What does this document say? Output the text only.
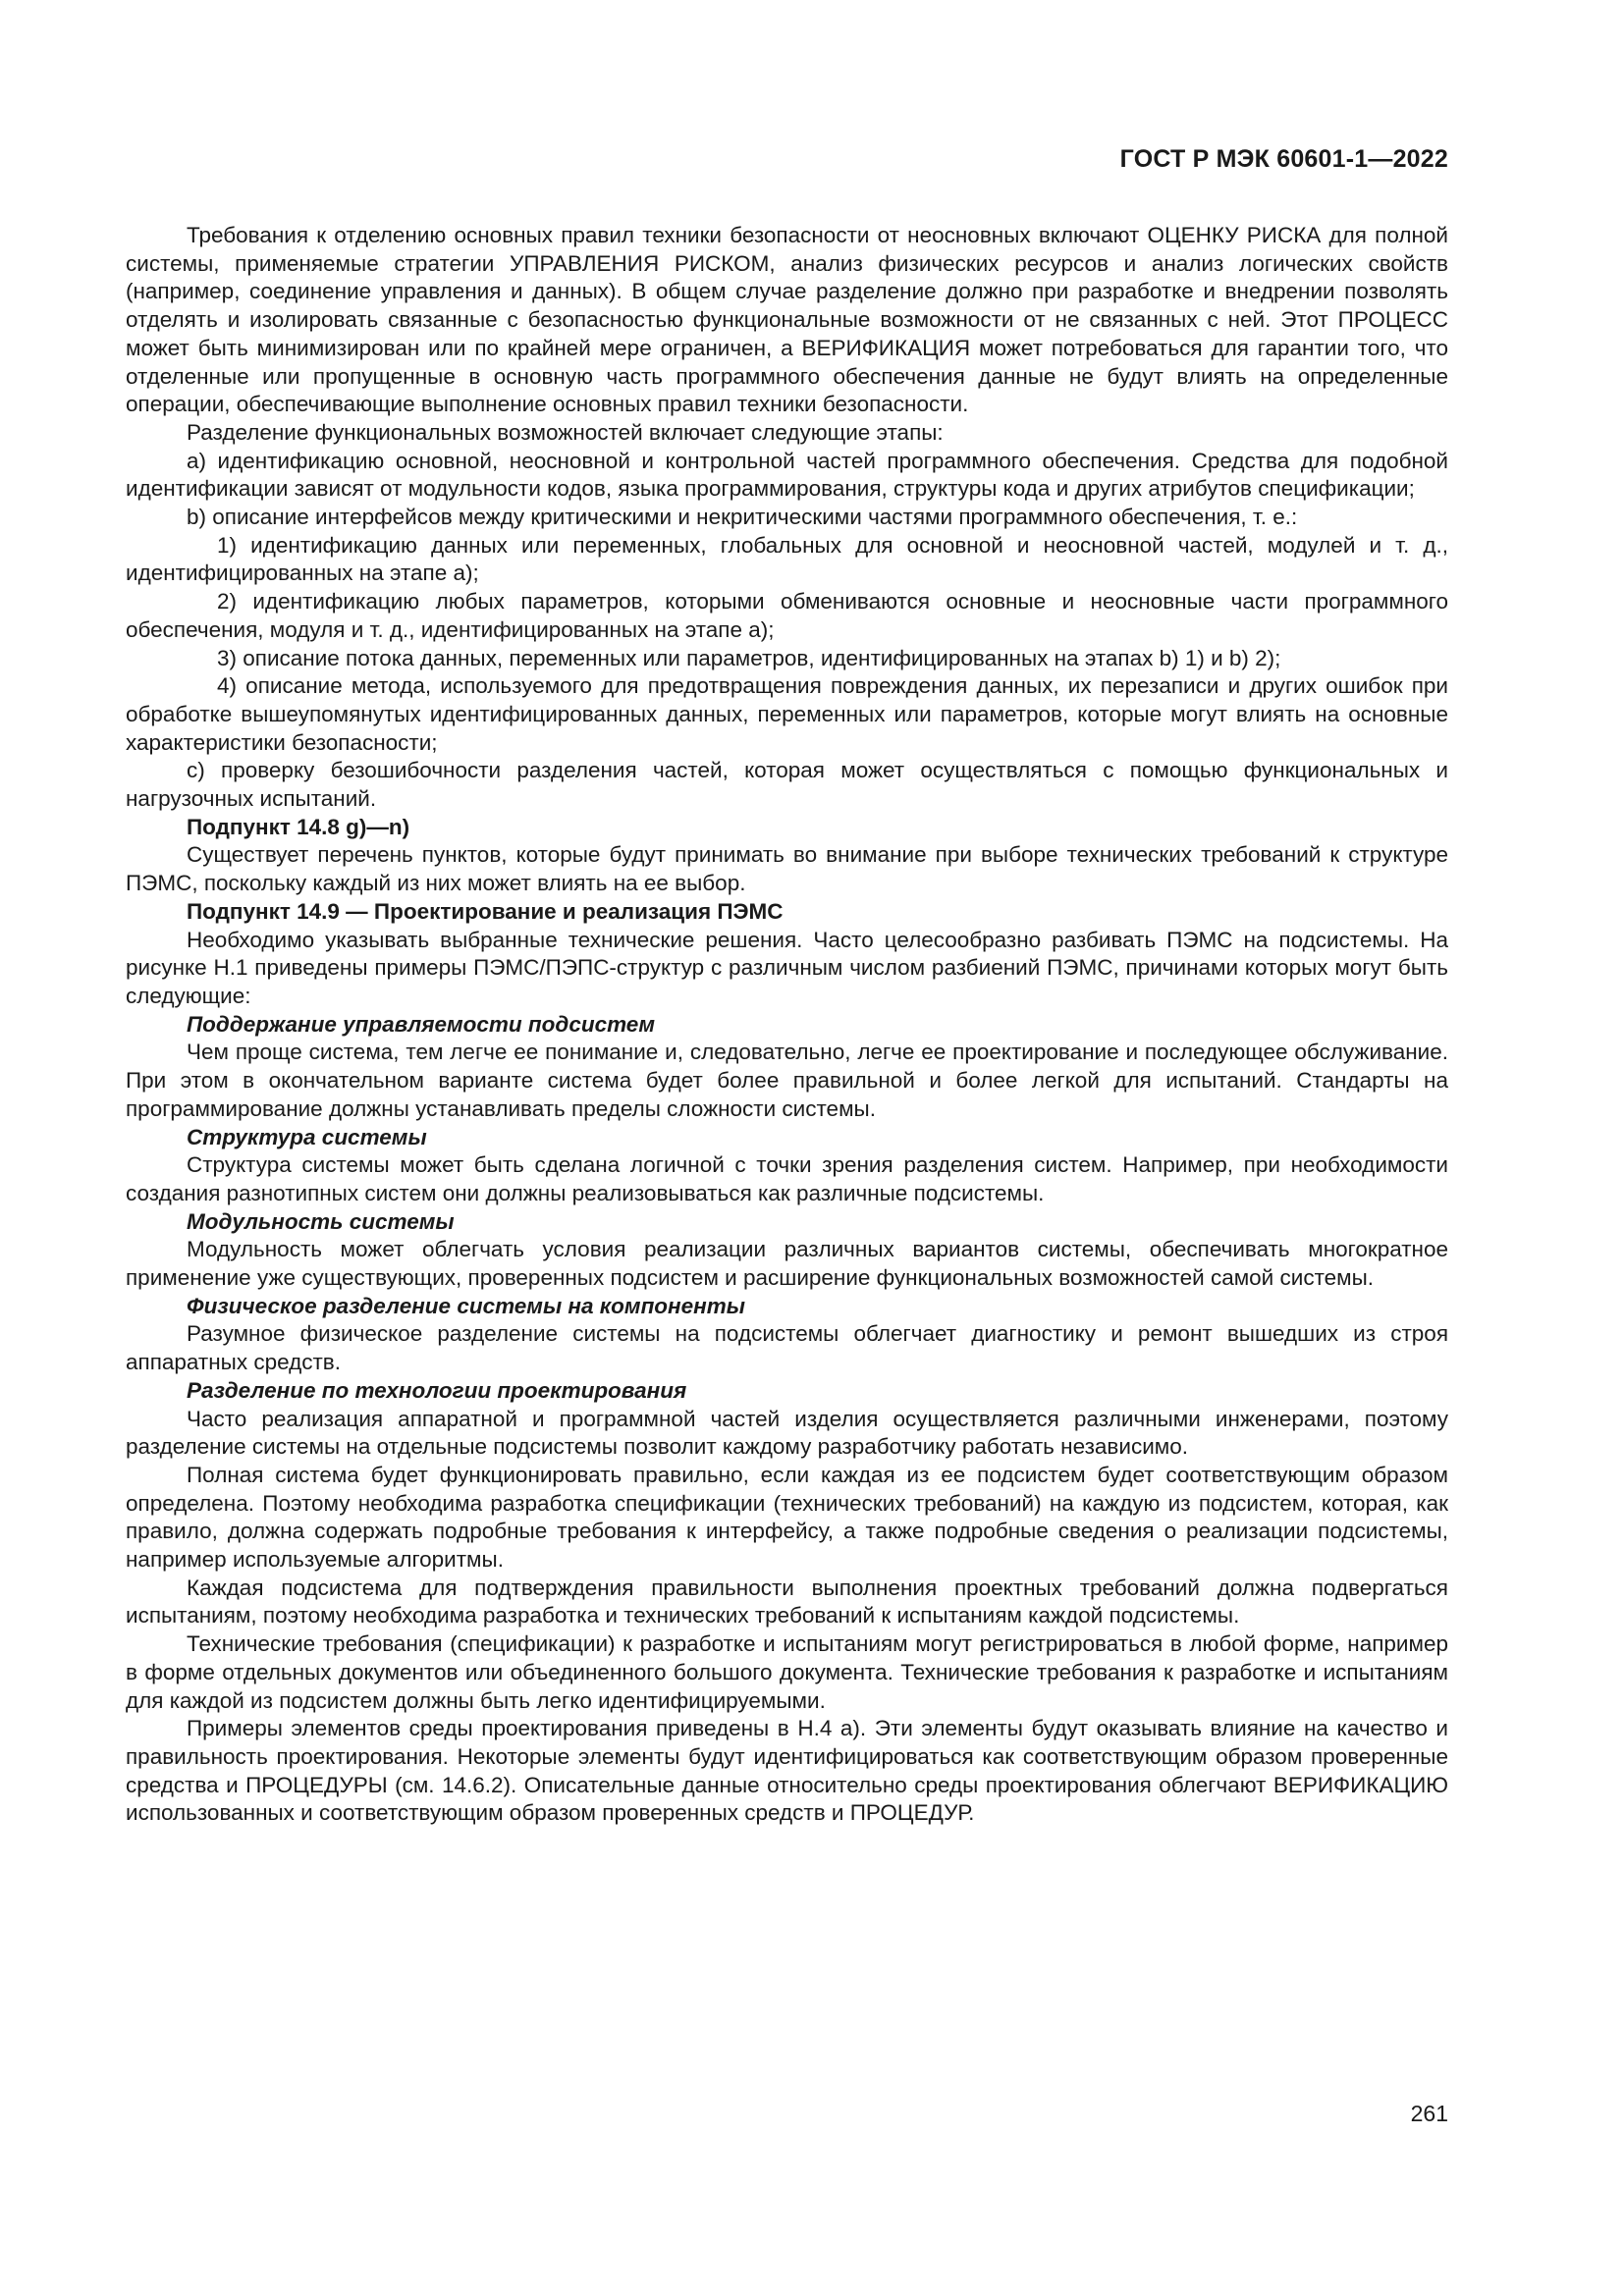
ГОСТ Р МЭК 60601-1—2022

Требования к отделению основных правил техники безопасности от неосновных включают ОЦЕНКУ РИСКА для полной системы, применяемые стратегии УПРАВЛЕНИЯ РИСКОМ, анализ физических ресурсов и анализ логических свойств (например, соединение управления и данных). В общем случае разделение должно при разработке и внедрении позволять отделять и изолировать связанные с безопасностью функциональные возможности от не связанных с ней. Этот ПРОЦЕСС может быть минимизирован или по крайней мере ограничен, а ВЕРИФИКАЦИЯ может потребоваться для гарантии того, что отделенные или пропущенные в основную часть программного обеспечения данные не будут влиять на определенные операции, обеспечивающие выполнение основных правил техники безопасности.

Разделение функциональных возможностей включает следующие этапы:

a) идентификацию основной, неосновной и контрольной частей программного обеспечения. Средства для подобной идентификации зависят от модульности кодов, языка программирования, структуры кода и других атрибутов спецификации;

b) описание интерфейсов между критическими и некритическими частями программного обеспечения, т. е.:

1) идентификацию данных или переменных, глобальных для основной и неосновной частей, модулей и т. д., идентифицированных на этапе a);

2) идентификацию любых параметров, которыми обмениваются основные и неосновные части программного обеспечения, модуля и т. д., идентифицированных на этапе a);

3) описание потока данных, переменных или параметров, идентифицированных на этапах b) 1) и b) 2);

4) описание метода, используемого для предотвращения повреждения данных, их перезаписи и других ошибок при обработке вышеупомянутых идентифицированных данных, переменных или параметров, которые могут влиять на основные характеристики безопасности;

c) проверку безошибочности разделения частей, которая может осуществляться с помощью функциональных и нагрузочных испытаний.

Подпункт 14.8 g)—n)

Существует перечень пунктов, которые будут принимать во внимание при выборе технических требований к структуре ПЭМС, поскольку каждый из них может влиять на ее выбор.

Подпункт 14.9 — Проектирование и реализация ПЭМС

Необходимо указывать выбранные технические решения. Часто целесообразно разбивать ПЭМС на подсистемы. На рисунке H.1 приведены примеры ПЭМС/ПЭПС-структур с различным числом разбиений ПЭМС, причинами которых могут быть следующие:

Поддержание управляемости подсистем

Чем проще система, тем легче ее понимание и, следовательно, легче ее проектирование и последующее обслуживание. При этом в окончательном варианте система будет более правильной и более легкой для испытаний. Стандарты на программирование должны устанавливать пределы сложности системы.

Структура системы

Структура системы может быть сделана логичной с точки зрения разделения систем. Например, при необходимости создания разнотипных систем они должны реализовываться как различные подсистемы.

Модульность системы

Модульность может облегчать условия реализации различных вариантов системы, обеспечивать многократное применение уже существующих, проверенных подсистем и расширение функциональных возможностей самой системы.

Физическое разделение системы на компоненты

Разумное физическое разделение системы на подсистемы облегчает диагностику и ремонт вышедших из строя аппаратных средств.

Разделение по технологии проектирования

Часто реализация аппаратной и программной частей изделия осуществляется различными инженерами, поэтому разделение системы на отдельные подсистемы позволит каждому разработчику работать независимо.

Полная система будет функционировать правильно, если каждая из ее подсистем будет соответствующим образом определена. Поэтому необходима разработка спецификации (технических требований) на каждую из подсистем, которая, как правило, должна содержать подробные требования к интерфейсу, а также подробные сведения о реализации подсистемы, например используемые алгоритмы.

Каждая подсистема для подтверждения правильности выполнения проектных требований должна подвергаться испытаниям, поэтому необходима разработка и технических требований к испытаниям каждой подсистемы.

Технические требования (спецификации) к разработке и испытаниям могут регистрироваться в любой форме, например в форме отдельных документов или объединенного большого документа. Технические требования к разработке и испытаниям для каждой из подсистем должны быть легко идентифицируемыми.

Примеры элементов среды проектирования приведены в H.4 a). Эти элементы будут оказывать влияние на качество и правильность проектирования. Некоторые элементы будут идентифицироваться как соответствующим образом проверенные средства и ПРОЦЕДУРЫ (см. 14.6.2). Описательные данные относительно среды проектирования облегчают ВЕРИФИКАЦИЮ использованных и соответствующим образом проверенных средств и ПРОЦЕДУР.

261
